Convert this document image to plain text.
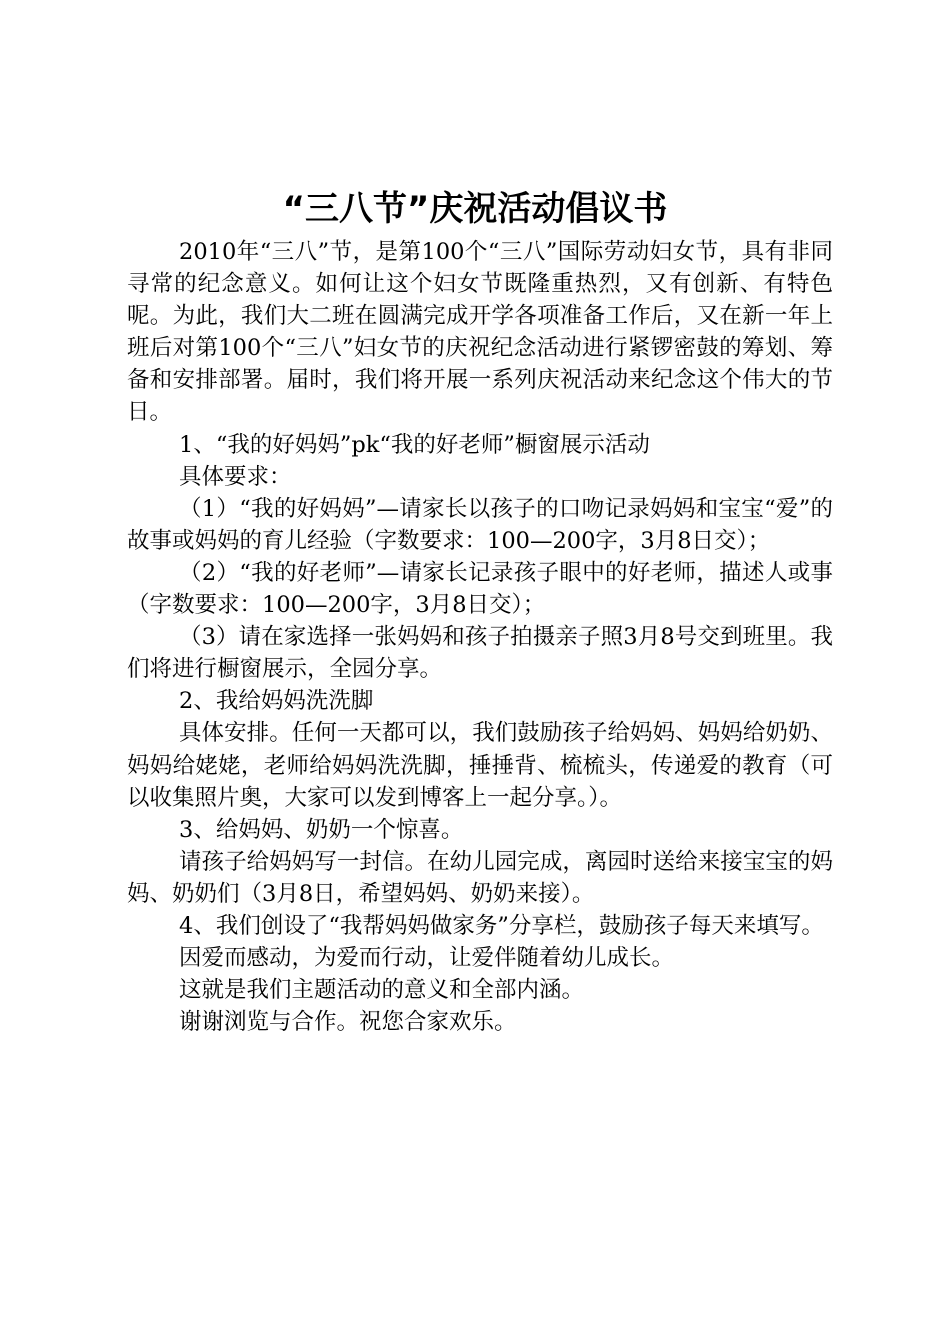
“三八节”庆祝活动倡议书

2010年“三八”节，是第100个“三八”国际劳动妇女节，具有非同寻常的纪念意义。如何让这个妇女节既隆重热烈，又有创新、有特色呢。为此，我们大二班在圆满完成开学各项准备工作后，又在新一年上班后对第100个“三八”妇女节的庆祝纪念活动进行紧锣密鼓的筹划、筹备和安排部署。届时，我们将开展一系列庆祝活动来纪念这个伟大的节日。

1、“我的好妈妈”pk“我的好老师”橱窗展示活动

具体要求：

（1）“我的好妈妈”—请家长以孩子的口吻记录妈妈和宝宝“爱”的故事或妈妈的育儿经验（字数要求：100—200字，3月8日交）；

（2）“我的好老师”—请家长记录孩子眼中的好老师，描述人或事（字数要求：100—200字，3月8日交）；

（3）请在家选择一张妈妈和孩子拍摄亲子照3月8号交到班里。我们将进行橱窗展示，全园分享。

2、我给妈妈洗洗脚

具体安排。任何一天都可以，我们鼓励孩子给妈妈、妈妈给奶奶、妈妈给姥姥，老师给妈妈洗洗脚，捶捶背、梳梳头，传递爱的教育（可以收集照片奥，大家可以发到博客上一起分享。）。

3、给妈妈、奶奶一个惊喜。

请孩子给妈妈写一封信。在幼儿园完成，离园时送给来接宝宝的妈妈、奶奶们（3月8日，希望妈妈、奶奶来接）。

4、我们创设了“我帮妈妈做家务”分享栏，鼓励孩子每天来填写。

因爱而感动，为爱而行动，让爱伴随着幼儿成长。

这就是我们主题活动的意义和全部内涵。

谢谢浏览与合作。祝您合家欢乐。
